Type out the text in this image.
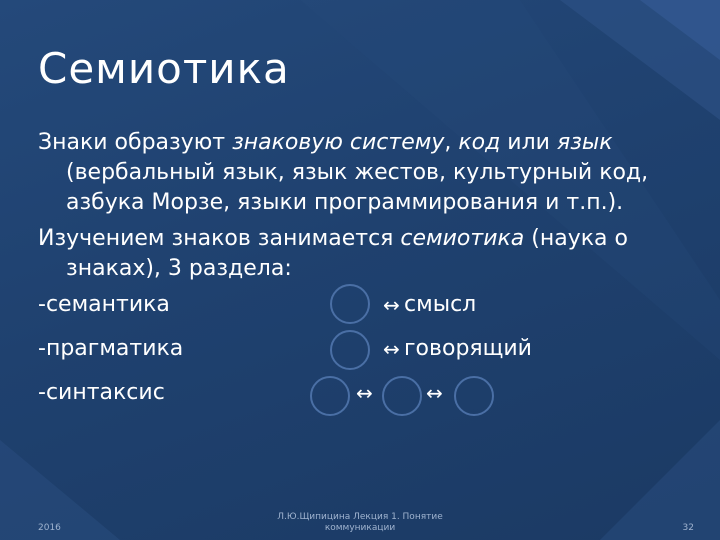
Семиотика

Знаки образуют знаковую систему, код или язык (вербальный язык, язык жестов, культурный код, азбука Морзе, языки программирования и т.п.).

Изучением знаков занимается семиотика (наука о знаках), 3 раздела:

-семантика	↔ смысл
-прагматика	↔ говорящий
-синтаксис	↔	↔
2016
Л.Ю.Щипицина Лекция 1. Понятие
коммуникации	32
